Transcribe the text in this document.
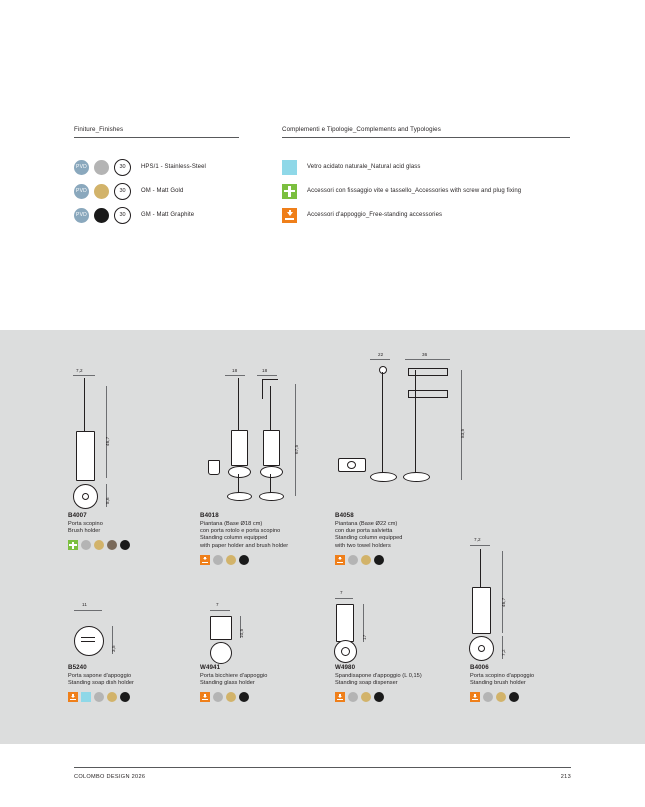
Finiture_Finishes
PVD	30	HPS/1 - Stainless-Steel
PVD	30	OM - Matt Gold
PVD	30	GM - Matt Graphite
Complementi e Tipologie_Complements and Typologies
Vetro acidato naturale_Natural acid glass
Accessori con fissaggio vite e tassello_Accessories with screw and plug fixing
Accessori d'appoggio_Free-standing accessories
7,2
46,7
8,6
B4007
Porta scopino
Brush holder
18	18
67,5
B4018
Piantana (Base Ø18 cm)
con porta rotolo e porta scopino
Standing column equipped
with paper holder and brush holder
22	36
83,5
B4058
Piantana (Base Ø22 cm)
con due porta salvietta
Standing column equipped
with two towel holders
11
3,5
B5240
Porta sapone d'appoggio
Standing soap dish holder
7
10,5
W4941
Porta bicchiere d'appoggio
Standing glass holder
7
17
W4980
Spandisapone d'appoggio (L 0,15)
Standing soap dispenser
7,2
46,7
7,2
B4006
Porta scopino d'appoggio
Standing brush holder
COLOMBO DESIGN 2026	213
